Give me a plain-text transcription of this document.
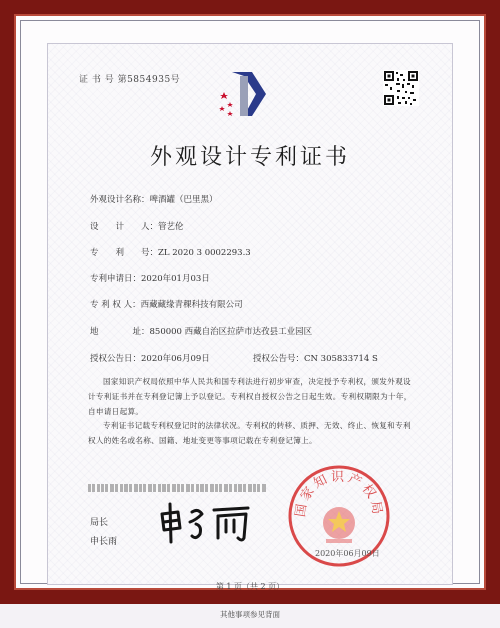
证 书 号 第5854935号
外观设计专利证书
外观设计名称：啤酒罐（巴里黑）
设　　计　　人：管艺伦
专　　利　　号：ZL 2020 3 0002293.3
专利申请日：2020年01月03日
专 利 权 人：西藏藏缘青稞科技有限公司
地　　　　址：850000 西藏自治区拉萨市达孜县工业园区
授权公告日：2020年06月09日	授权公告号：CN 305833714 S
国家知识产权局依照中华人民共和国专利法进行初步审查，决定授予专利权，颁发外观设计专利证书并在专利登记簿上予以登记。专利权自授权公告之日起生效。专利权期限为十年，自申请日起算。
专利证书记载专利权登记时的法律状况。专利权的转移、质押、无效、终止、恢复和专利权人的姓名或名称、国籍、地址变更等事项记载在专利登记簿上。
局长
申长雨
国家知识产权局
2020年06月09日
第 1 页（共 2 页）
其他事项参见背面
